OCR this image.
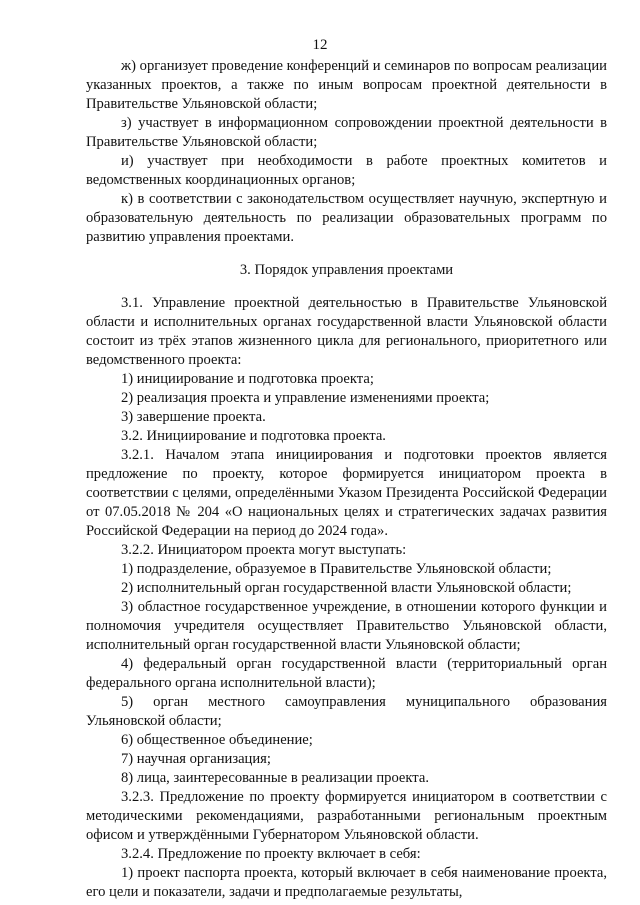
12

ж) организует проведение конференций и семинаров по вопросам реализации указанных проектов, а также по иным вопросам проектной деятельности в Правительстве Ульяновской области;

з) участвует в информационном сопровождении проектной деятельности в Правительстве Ульяновской области;

и) участвует при необходимости в работе проектных комитетов и ведомственных координационных органов;

к) в соответствии с законодательством осуществляет научную, экспертную и образовательную деятельность по реализации образовательных программ по развитию управления проектами.

3. Порядок управления проектами

3.1. Управление проектной деятельностью в Правительстве Ульяновской области и исполнительных органах государственной власти Ульяновской области состоит из трёх этапов жизненного цикла для регионального, приоритетного или ведомственного проекта:

1) инициирование и подготовка проекта;

2) реализация проекта и управление изменениями проекта;

3) завершение проекта.

3.2. Инициирование и подготовка проекта.

3.2.1. Началом этапа инициирования и подготовки проектов является предложение по проекту, которое формируется инициатором проекта в соответствии с целями, определёнными Указом Президента Российской Федерации от 07.05.2018 № 204 «О национальных целях и стратегических задачах развития Российской Федерации на период до 2024 года».

3.2.2. Инициатором проекта могут выступать:

1) подразделение, образуемое в Правительстве Ульяновской области;

2) исполнительный орган государственной власти Ульяновской области;

3) областное государственное учреждение, в отношении которого функции и полномочия учредителя осуществляет Правительство Ульяновской области, исполнительный орган государственной власти Ульяновской области;

4) федеральный орган государственной власти (территориальный орган федерального органа исполнительной власти);

5) орган местного самоуправления муниципального образования Ульяновской области;

6) общественное объединение;

7) научная организация;

8) лица, заинтересованные в реализации проекта.

3.2.3. Предложение по проекту формируется инициатором в соответствии с методическими рекомендациями, разработанными региональным проектным офисом и утверждёнными Губернатором Ульяновской области.

3.2.4. Предложение по проекту включает в себя:

1) проект паспорта проекта, который включает в себя наименование проекта, его цели и показатели, задачи и предполагаемые результаты,
